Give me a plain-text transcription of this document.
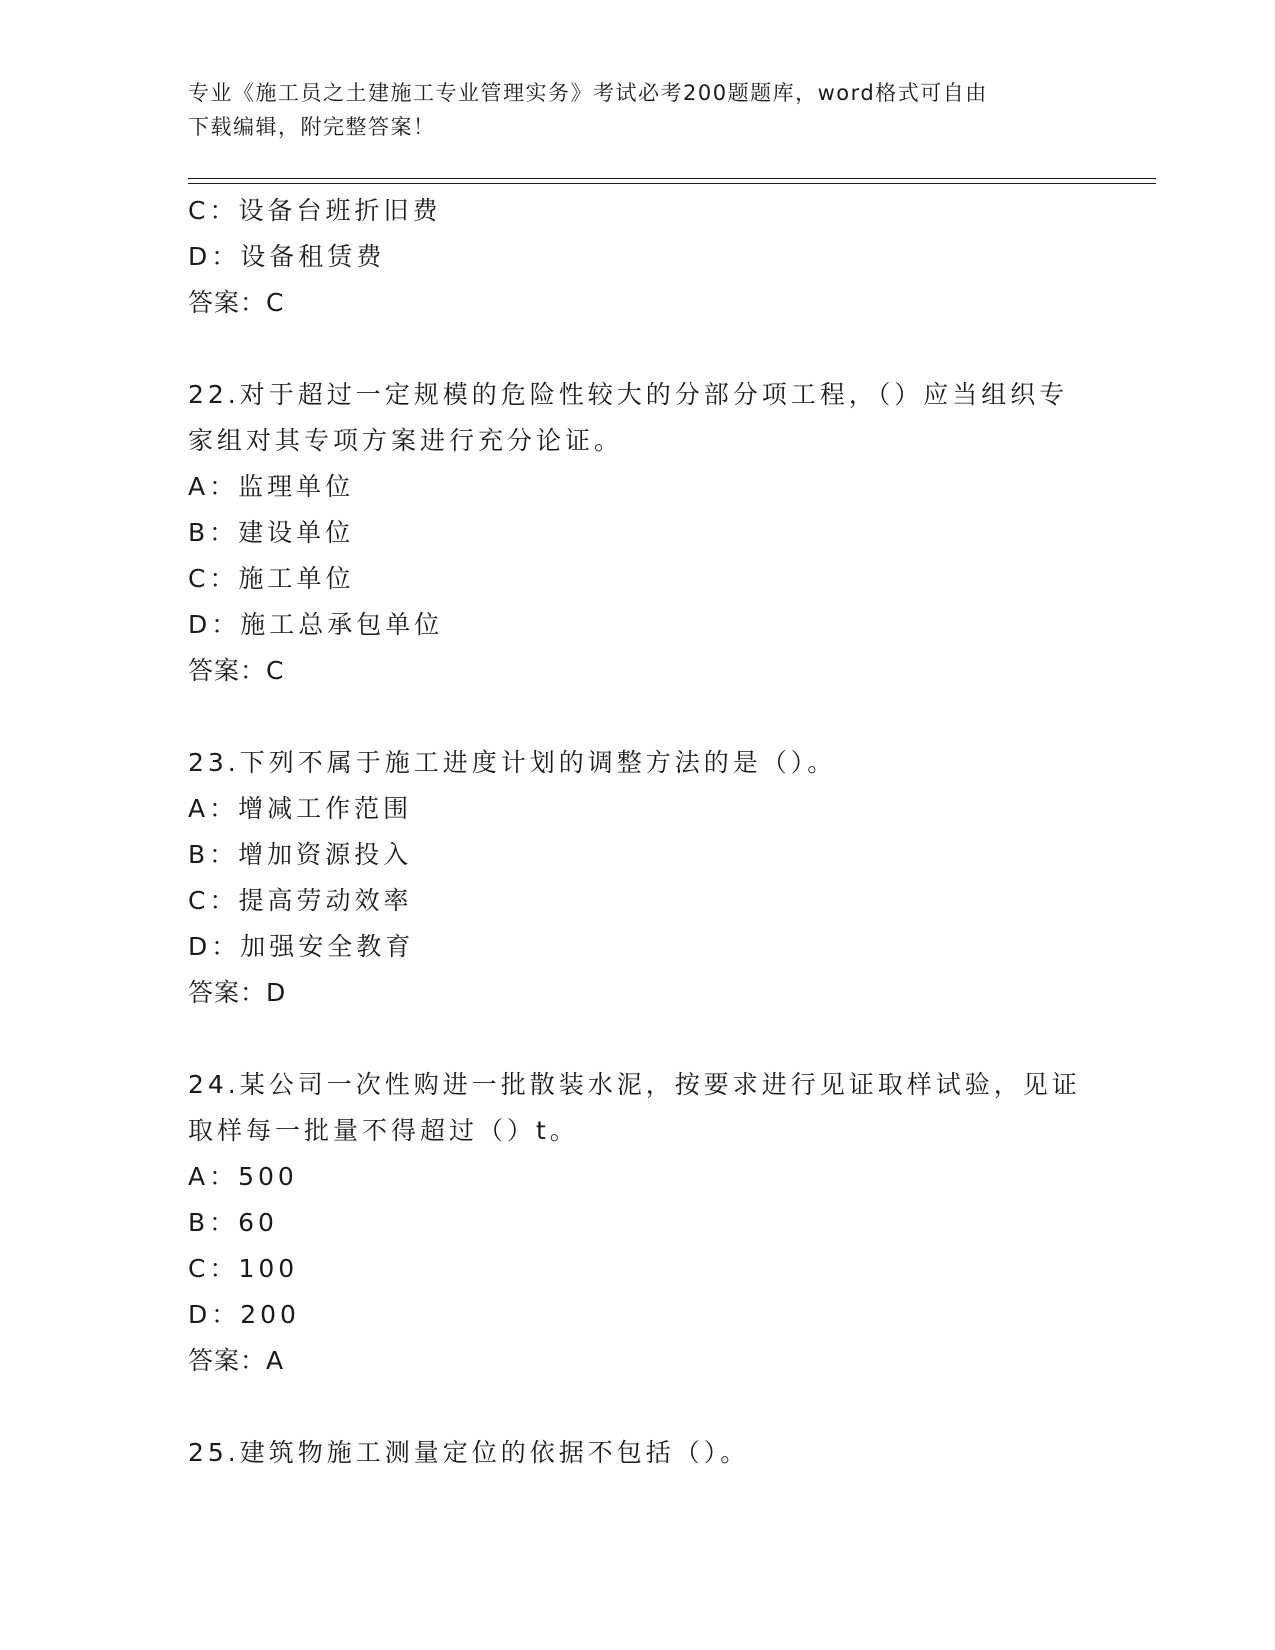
专业《施工员之土建施工专业管理实务》考试必考200题题库，word格式可自由
下载编辑，附完整答案！
C：设备台班折旧费
D：设备租赁费
答案：C
22.对于超过一定规模的危险性较大的分部分项工程，（）应当组织专
家组对其专项方案进行充分论证。
A：监理单位
B：建设单位
C：施工单位
D：施工总承包单位
答案：C
23.下列不属于施工进度计划的调整方法的是（）。
A：增减工作范围
B：增加资源投入
C：提高劳动效率
D：加强安全教育
答案：D
24.某公司一次性购进一批散装水泥，按要求进行见证取样试验，见证
取样每一批量不得超过（）t。
A：500
B：60
C：100
D：200
答案：A
25.建筑物施工测量定位的依据不包括（）。
